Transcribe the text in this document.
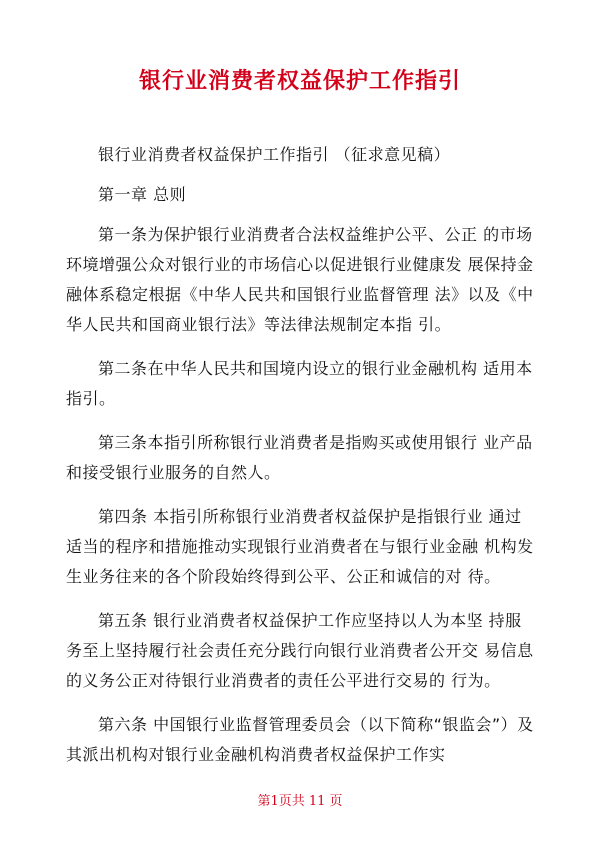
银行业消费者权益保护工作指引

银行业消费者权益保护工作指引 （征求意见稿）

第一章 总则

第一条为保护银行业消费者合法权益维护公平、公正 的市场环境增强公众对银行业的市场信心以促进银行业健康发 展保持金融体系稳定根据《中华人民共和国银行业监督管理 法》以及《中华人民共和国商业银行法》等法律法规制定本指 引。

第二条在中华人民共和国境内设立的银行业金融机构 适用本指引。

第三条本指引所称银行业消费者是指购买或使用银行 业产品和接受银行业服务的自然人。

第四条 本指引所称银行业消费者权益保护是指银行业 通过适当的程序和措施推动实现银行业消费者在与银行业金融 机构发生业务往来的各个阶段始终得到公平、公正和诚信的对 待。

第五条 银行业消费者权益保护工作应坚持以人为本坚 持服务至上坚持履行社会责任充分践行向银行业消费者公开交 易信息的义务公正对待银行业消费者的责任公平进行交易的 行为。

第六条 中国银行业监督管理委员会（以下简称“银监会”）及其派出机构对银行业金融机构消费者权益保护工作实

第1页共 11 页
